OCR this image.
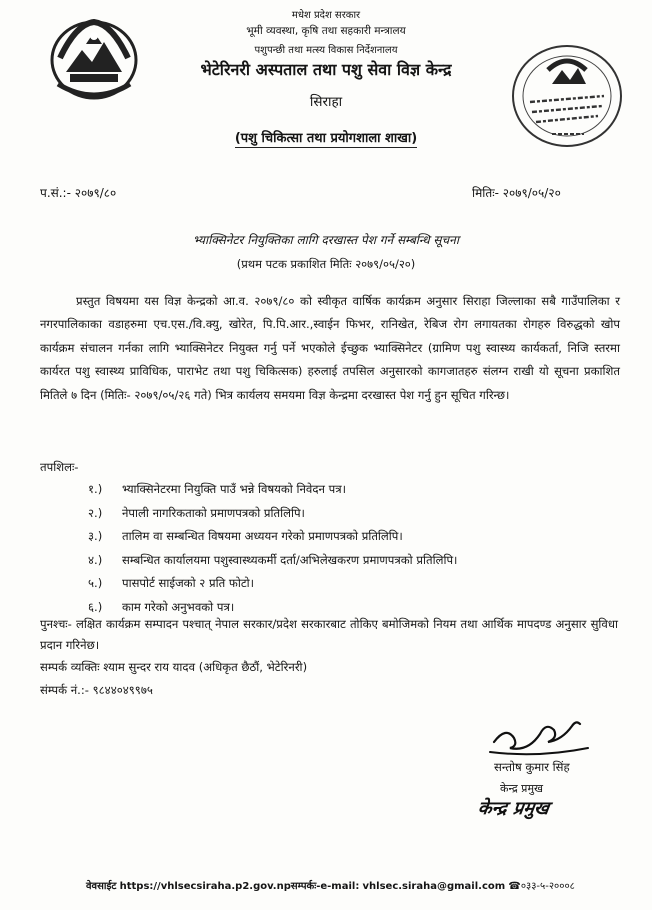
मधेश प्रदेश सरकार
भूमी व्यवस्था, कृषि तथा सहकारी मन्त्रालय
पशुपन्छी तथा मत्स्य विकास निर्देशनालय
भेटेरिनरी अस्पताल तथा पशु सेवा विज्ञ केन्द्र
सिराहा
(पशु चिकित्सा तथा प्रयोगशाला शाखा)
प.सं.:- २०७९/८०	मितिः- २०७९/०५/२०
भ्याक्सिनेटर नियुक्तिका लागि दरखास्त पेश गर्ने सम्बन्धि सूचना
(प्रथम पटक प्रकाशित मितिः २०७९/०५/२०)
प्रस्तुत विषयमा यस विज्ञ केन्द्रको आ.व. २०७९/८० को स्वीकृत वार्षिक कार्यक्रम अनुसार सिराहा जिल्लाका सबै गाउँपालिका र नगरपालिकाका वडाहरुमा एच.एस./वि.क्यु, खोरेत, पि.पि.आर.,स्वाईन फिभर, रानिखेत, रेबिज रोग लगायतका रोगहरु विरुद्धको खोप कार्यक्रम संचालन गर्नका लागि भ्याक्सिनेटर नियुक्त गर्नु पर्ने भएकोले ईच्छुक भ्याक्सिनेटर (ग्रामिण पशु स्वास्थ्य कार्यकर्ता, निजि स्तरमा कार्यरत पशु स्वास्थ्य प्राविधिक, पाराभेट तथा पशु चिकित्सक) हरुलाई तपसिल अनुसारको कागजातहरु संलग्न राखी यो सूचना प्रकाशित मितिले ७ दिन (मितिः- २०७९/०५/२६ गते) भित्र कार्यलय समयमा विज्ञ केन्द्रमा दरखास्त पेश गर्नु हुन सूचित गरिन्छ।
तपशिलः-
१.) भ्याक्सिनेटरमा नियुक्ति पाउँ भन्ने विषयको निवेदन पत्र।
२.) नेपाली नागरिकताको प्रमाणपत्रको प्रतिलिपि।
३.) तालिम वा सम्बन्धित विषयमा अध्ययन गरेको प्रमाणपत्रको प्रतिलिपि।
४.) सम्बन्धित कार्यालयमा पशुस्वास्थ्यकर्मी दर्ता/अभिलेखकरण प्रमाणपत्रको प्रतिलिपि।
५.) पासपोर्ट साईजको २ प्रति फोटो।
६.) काम गरेको अनुभवको पत्र।
पुनश्चः- लक्षित कार्यक्रम सम्पादन पश्चात् नेपाल सरकार/प्रदेश सरकारबाट तोकिए बमोजिमको नियम तथा आर्थिक मापदण्ड अनुसार सुविधा प्रदान गरिनेछ।
सम्पर्क व्यक्तिः श्याम सुन्दर राय यादव (अधिकृत छैठौं, भेटेरिनरी)
संम्पर्क नं.:- ९८४४०४९९७५
सन्तोष कुमार सिंह
केन्द्र प्रमुख
केन्द्र प्रमुख
वेवसाईट https://vhlsecsiraha.p2.gov.npसम्पर्कः-e-mail: vhlsec.siraha@gmail.com ☎०३३-५-२०००८
